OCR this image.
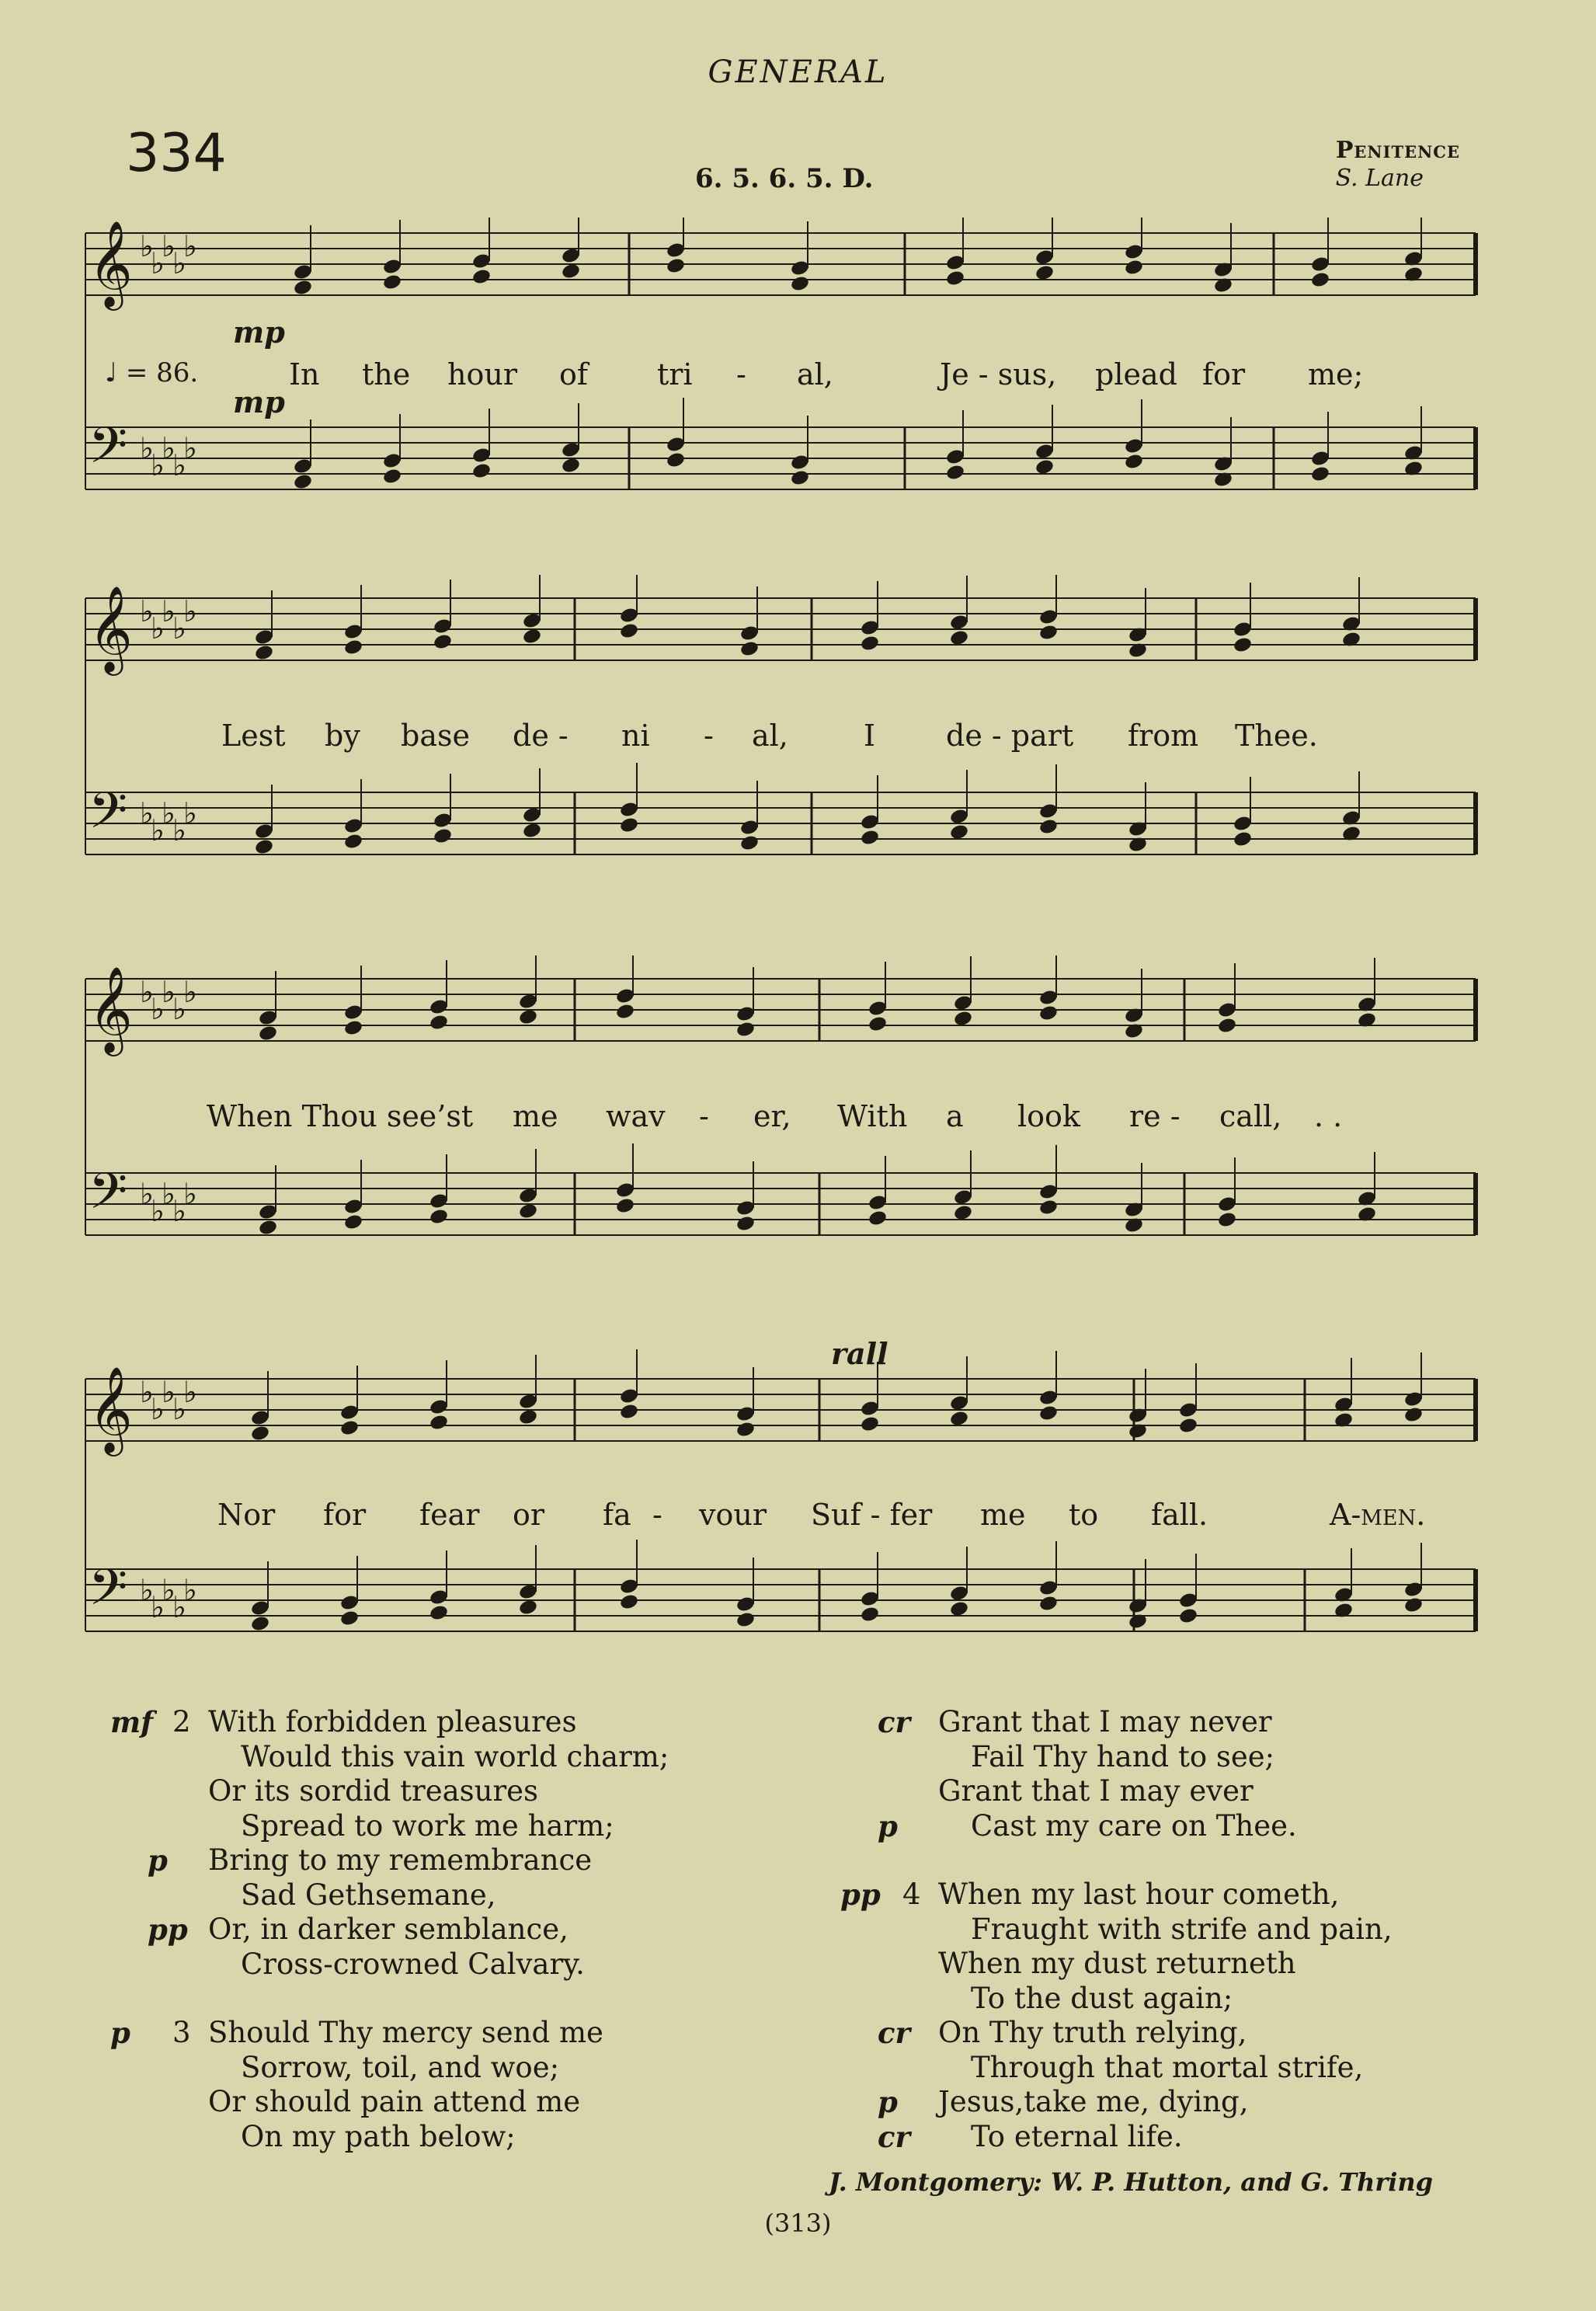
GENERAL
334	6. 5. 6. 5. D.
Penitence
S. Lane
𝄞 ♭
♭
♭
♭
♭
𝄢 ♭
♭
♭
♭
♭
mp
♩ = 86.
mp
In the hour of tri - al,	Je - sus, plead for me;
𝄞 ♭
♭
♭
♭
♭
𝄢 ♭
♭
♭
♭
♭
Lest by base de - ni - al,	I de - part from Thee.
𝄞 ♭
♭
♭
♭
♭
𝄢 ♭
♭
♭
♭
♭
When Thou see’st me wav - er, With a look re - call, . .
𝄞 ♭
♭
♭
♭
♭
𝄢 ♭
♭
♭
♭
♭
rall
Nor for fear or fa - vour Suf - fer me to fall.	A-men.
mf 2 With forbidden pleasures
Would this vain world charm;
Or its sordid treasures
Spread to work me harm;
p Bring to my remembrance
Sad Gethsemane,
pp Or, in darker semblance,
Cross-crowned Calvary.
p	3 Should Thy mercy send me
Sorrow, toil, and woe;
Or should pain attend me
On my path below;
cr Grant that I may never
Fail Thy hand to see;
Grant that I may ever
p	Cast my care on Thee.
pp 4 When my last hour cometh,
Fraught with strife and pain,
When my dust returneth
To the dust again;
cr On Thy truth relying,
Through that mortal strife,
p Jesus,take me, dying,
cr To eternal life.
J. Montgomery: W. P. Hutton, and G. Thring
(313)
